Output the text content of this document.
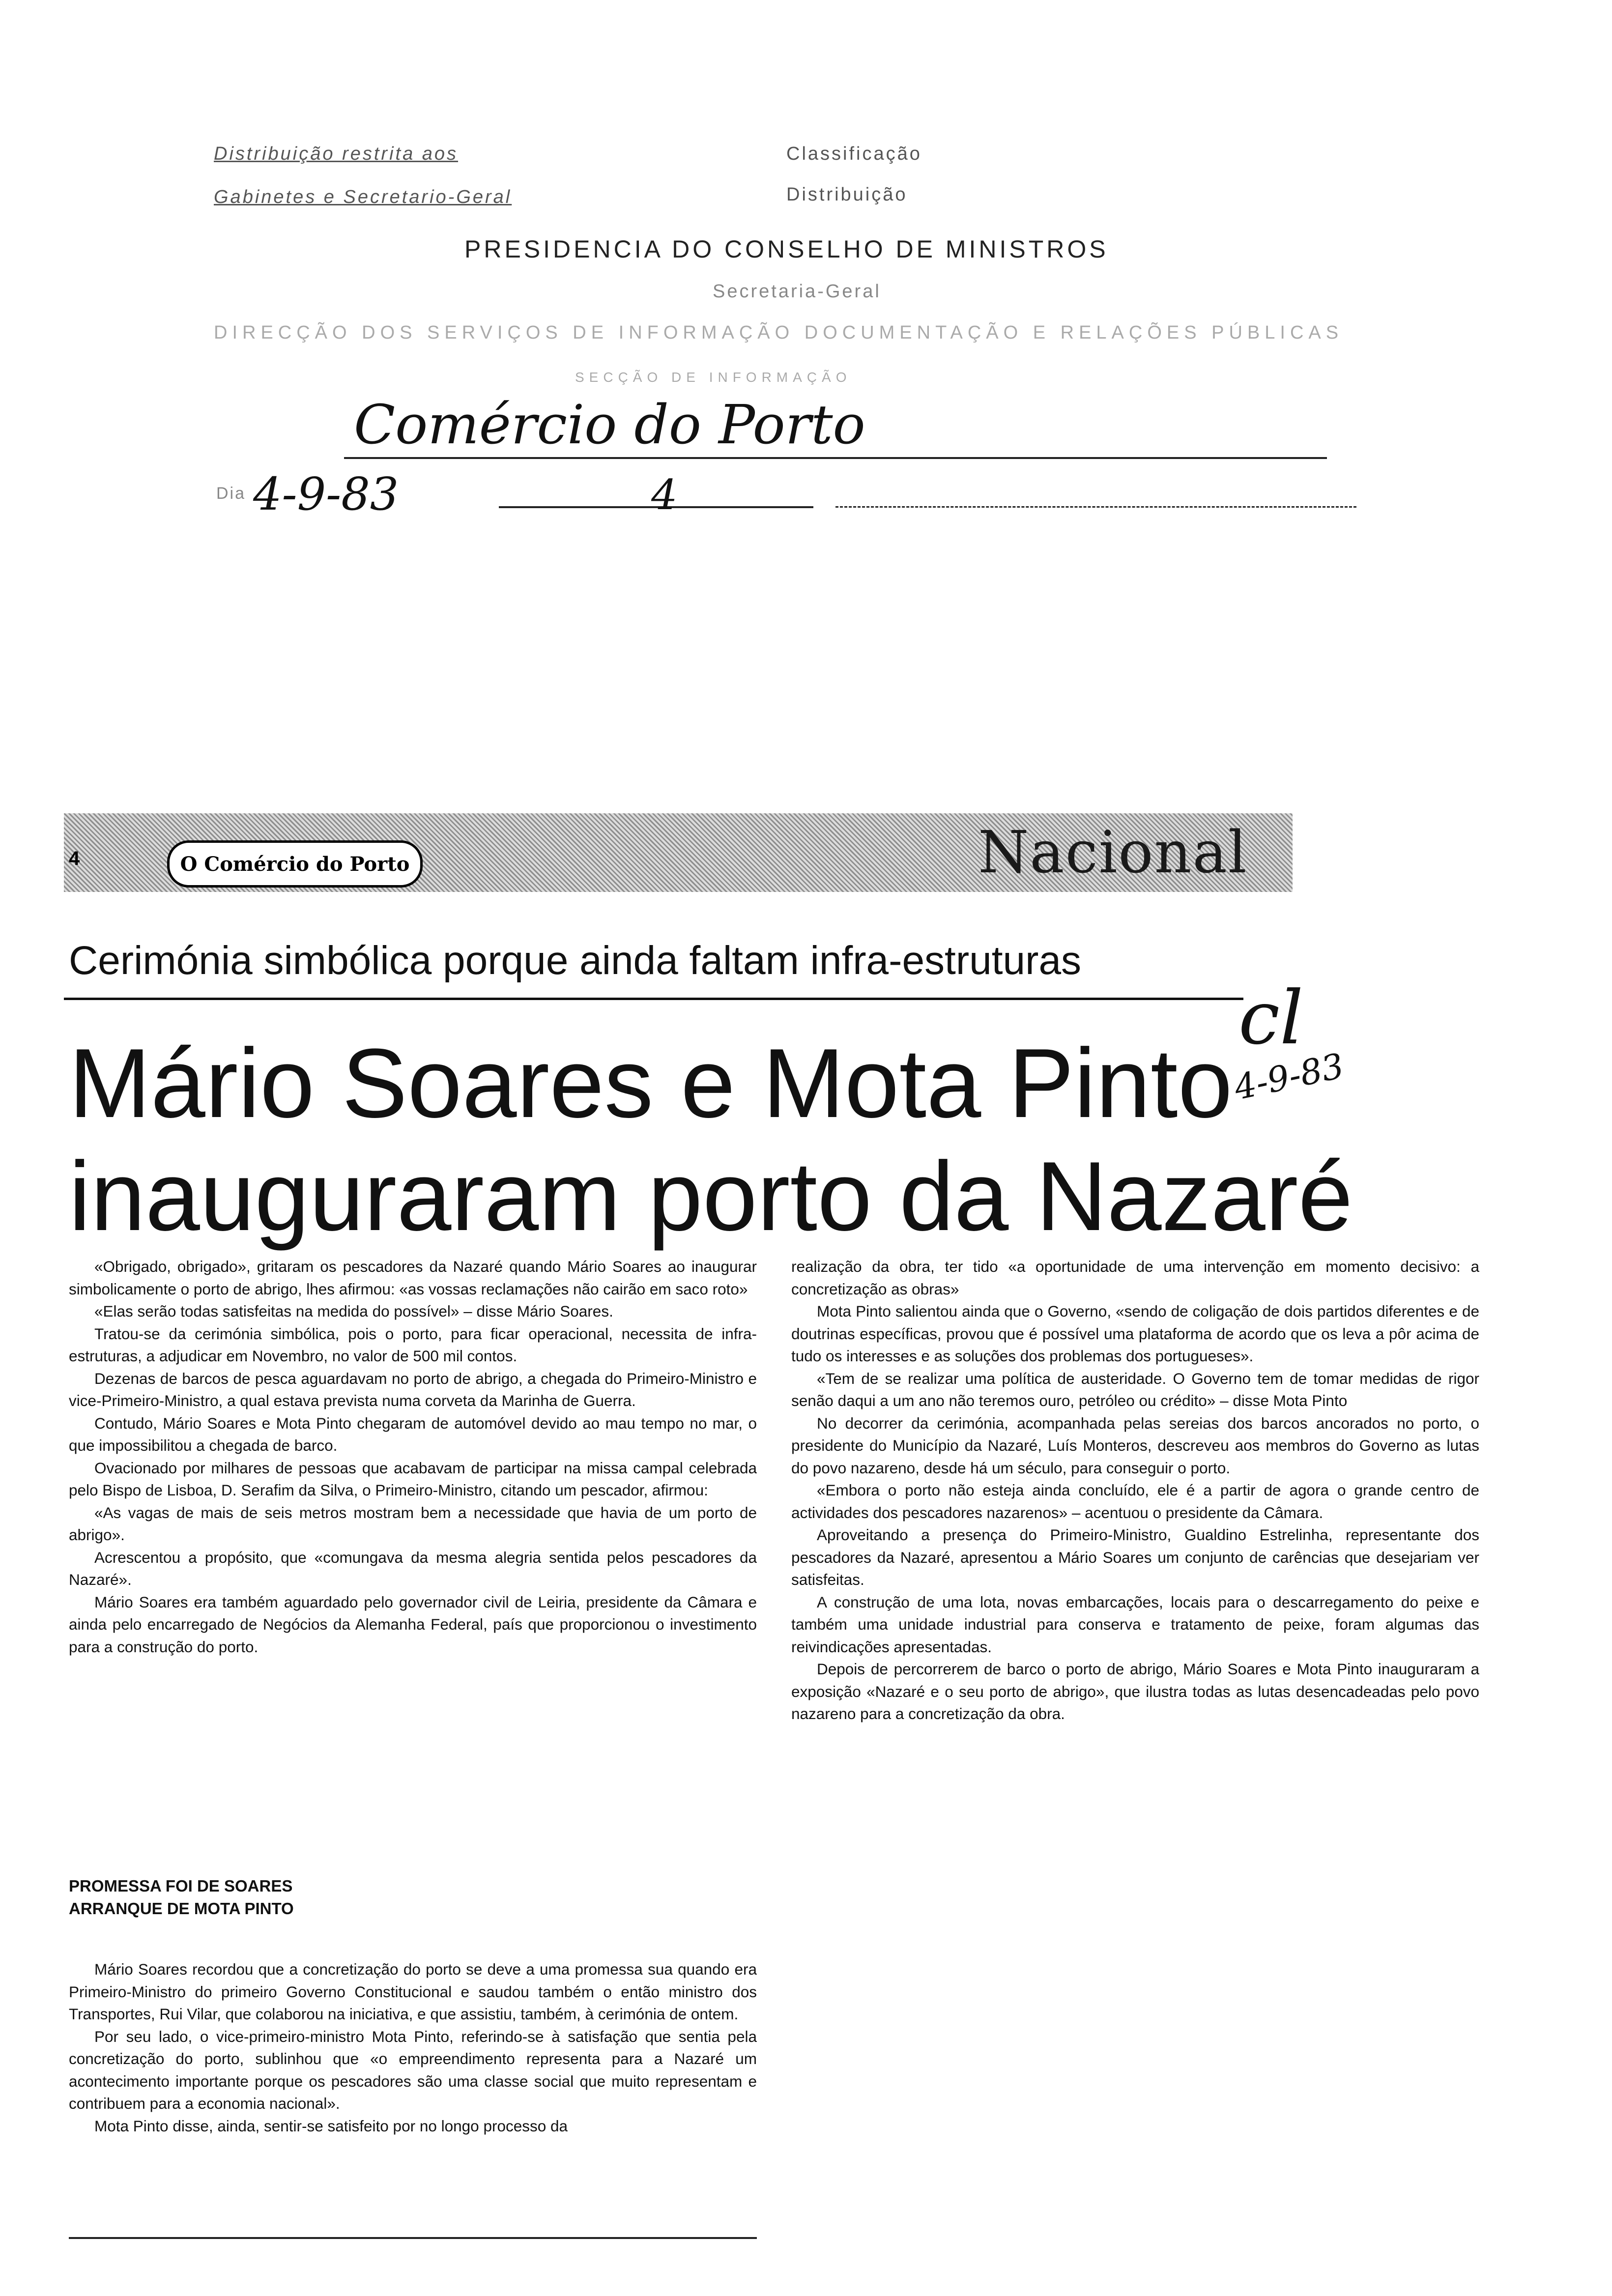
Distribuição restrita aos
Gabinetes e Secretario-Geral
Classificação
Distribuição
PRESIDENCIA DO CONSELHO DE MINISTROS
Secretaria-Geral
DIRECÇÃO DOS SERVIÇOS DE INFORMAÇÃO DOCUMENTAÇÃO E RELAÇÕES PÚBLICAS
SECÇÃO DE INFORMAÇÃO
Comércio do Porto
Dia 4-9-83	4
4	O Comércio do Porto	Nacional
Cerimónia simbólica porque ainda faltam infra-estruturas
Mário Soares e Mota Pinto
inauguraram porto da Nazaré
cl
4-9-83

«Obrigado, obrigado», gritaram os pescadores da Nazaré quando Mário Soares ao inaugurar simbolicamente o porto de abrigo, lhes afirmou: «as vossas reclamações não cairão em saco roto»

«Elas serão todas satisfeitas na medida do possível» – disse Mário Soares.

Tratou-se da cerimónia simbólica, pois o porto, para ficar operacional, necessita de infra-estruturas, a adjudicar em Novembro, no valor de 500 mil contos.

Dezenas de barcos de pesca aguardavam no porto de abrigo, a chegada do Primeiro-Ministro e vice-Primeiro-Ministro, a qual estava prevista numa corveta da Marinha de Guerra.

Contudo, Mário Soares e Mota Pinto chegaram de automóvel devido ao mau tempo no mar, o que impossibilitou a chegada de barco.

Ovacionado por milhares de pessoas que acabavam de participar na missa campal celebrada pelo Bispo de Lisboa, D. Serafim da Silva, o Primeiro-Ministro, citando um pescador, afirmou:

«As vagas de mais de seis metros mostram bem a necessidade que havia de um porto de abrigo».

Acrescentou a propósito, que «comungava da mesma alegria sentida pelos pescadores da Nazaré».

Mário Soares era também aguardado pelo governador civil de Leiria, presidente da Câmara e ainda pelo encarregado de Negócios da Alemanha Federal, país que proporcionou o investimento para a construção do porto.

PROMESSA FOI DE SOARES

ARRANQUE DE MOTA PINTO

Mário Soares recordou que a concretização do porto se deve a uma promessa sua quando era Primeiro-Ministro do primeiro Governo Constitucional e saudou também o então ministro dos Transportes, Rui Vilar, que colaborou na iniciativa, e que assistiu, também, à cerimónia de ontem.

Por seu lado, o vice-primeiro-ministro Mota Pinto, referindo-se à satisfação que sentia pela concretização do porto, sublinhou que «o empreendimento representa para a Nazaré um acontecimento importante porque os pescadores são uma classe social que muito representam e contribuem para a economia nacional».

Mota Pinto disse, ainda, sentir-se satisfeito por no longo processo da

realização da obra, ter tido «a oportunidade de uma intervenção em momento decisivo: a concretização as obras»

Mota Pinto salientou ainda que o Governo, «sendo de coligação de dois partidos diferentes e de doutrinas específicas, provou que é possível uma plataforma de acordo que os leva a pôr acima de tudo os interesses e as soluções dos problemas dos portugueses».

«Tem de se realizar uma política de austeridade. O Governo tem de tomar medidas de rigor senão daqui a um ano não teremos ouro, petróleo ou crédito» – disse Mota Pinto

No decorrer da cerimónia, acompanhada pelas sereias dos barcos ancorados no porto, o presidente do Município da Nazaré, Luís Monteros, descreveu aos membros do Governo as lutas do povo nazareno, desde há um século, para conseguir o porto.

«Embora o porto não esteja ainda concluído, ele é a partir de agora o grande centro de actividades dos pescadores nazarenos» – acentuou o presidente da Câmara.

Aproveitando a presença do Primeiro-Ministro, Gualdino Estrelinha, representante dos pescadores da Nazaré, apresentou a Mário Soares um conjunto de carências que desejariam ver satisfeitas.

A construção de uma lota, novas embarcações, locais para o descarregamento do peixe e também uma unidade industrial para conserva e tratamento de peixe, foram algumas das reivindicações apresentadas.

Depois de percorrerem de barco o porto de abrigo, Mário Soares e Mota Pinto inauguraram a exposição «Nazaré e o seu porto de abrigo», que ilustra todas as lutas desencadeadas pelo povo nazareno para a concretização da obra.
